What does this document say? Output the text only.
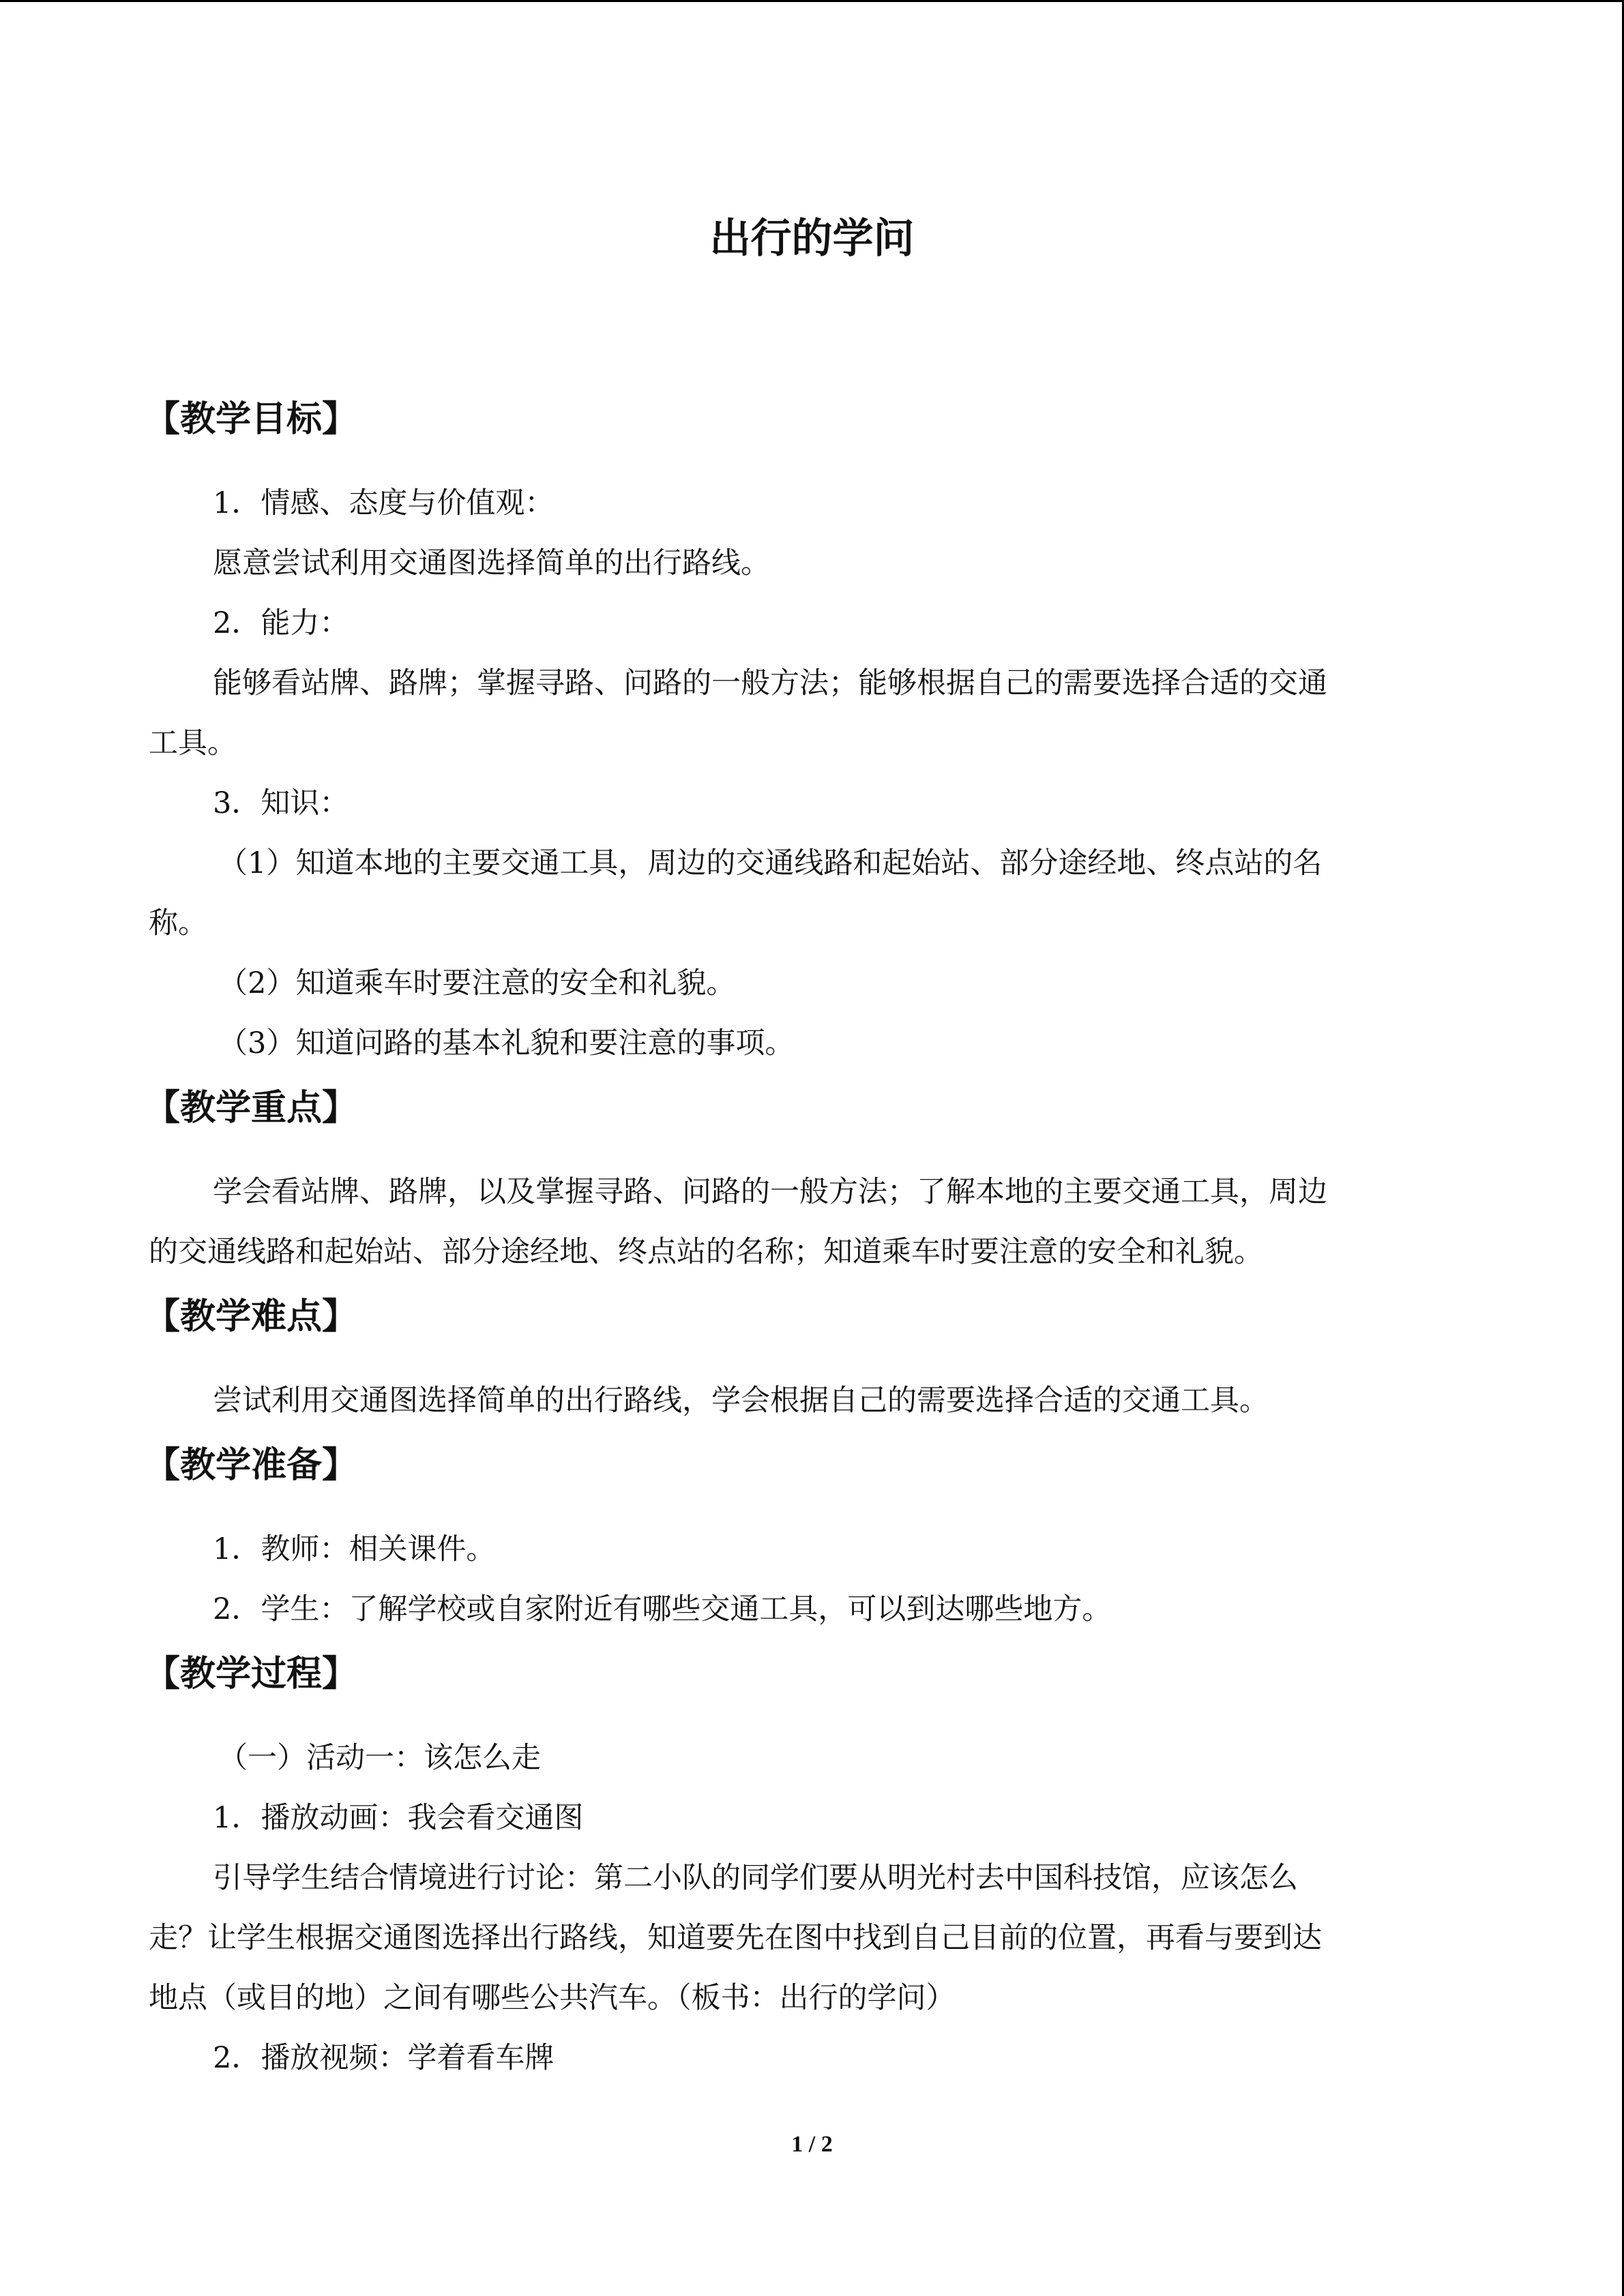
出行的学问
【教学目标】
1．情感、态度与价值观：
愿意尝试利用交通图选择简单的出行路线。
2．能力：
能够看站牌、路牌；掌握寻路、问路的一般方法；能够根据自己的需要选择合适的交通
工具。
3．知识：
（1）知道本地的主要交通工具，周边的交通线路和起始站、部分途经地、终点站的名
称。
（2）知道乘车时要注意的安全和礼貌。
（3）知道问路的基本礼貌和要注意的事项。
【教学重点】
学会看站牌、路牌，以及掌握寻路、问路的一般方法；了解本地的主要交通工具，周边
的交通线路和起始站、部分途经地、终点站的名称；知道乘车时要注意的安全和礼貌。
【教学难点】
尝试利用交通图选择简单的出行路线，学会根据自己的需要选择合适的交通工具。
【教学准备】
1．教师：相关课件。
2．学生：了解学校或自家附近有哪些交通工具，可以到达哪些地方。
【教学过程】
（一）活动一：该怎么走
1．播放动画：我会看交通图
引导学生结合情境进行讨论：第二小队的同学们要从明光村去中国科技馆，应该怎么
走？让学生根据交通图选择出行路线，知道要先在图中找到自己目前的位置，再看与要到达
地点（或目的地）之间有哪些公共汽车。（板书：出行的学问）
2．播放视频：学着看车牌
1 / 2
